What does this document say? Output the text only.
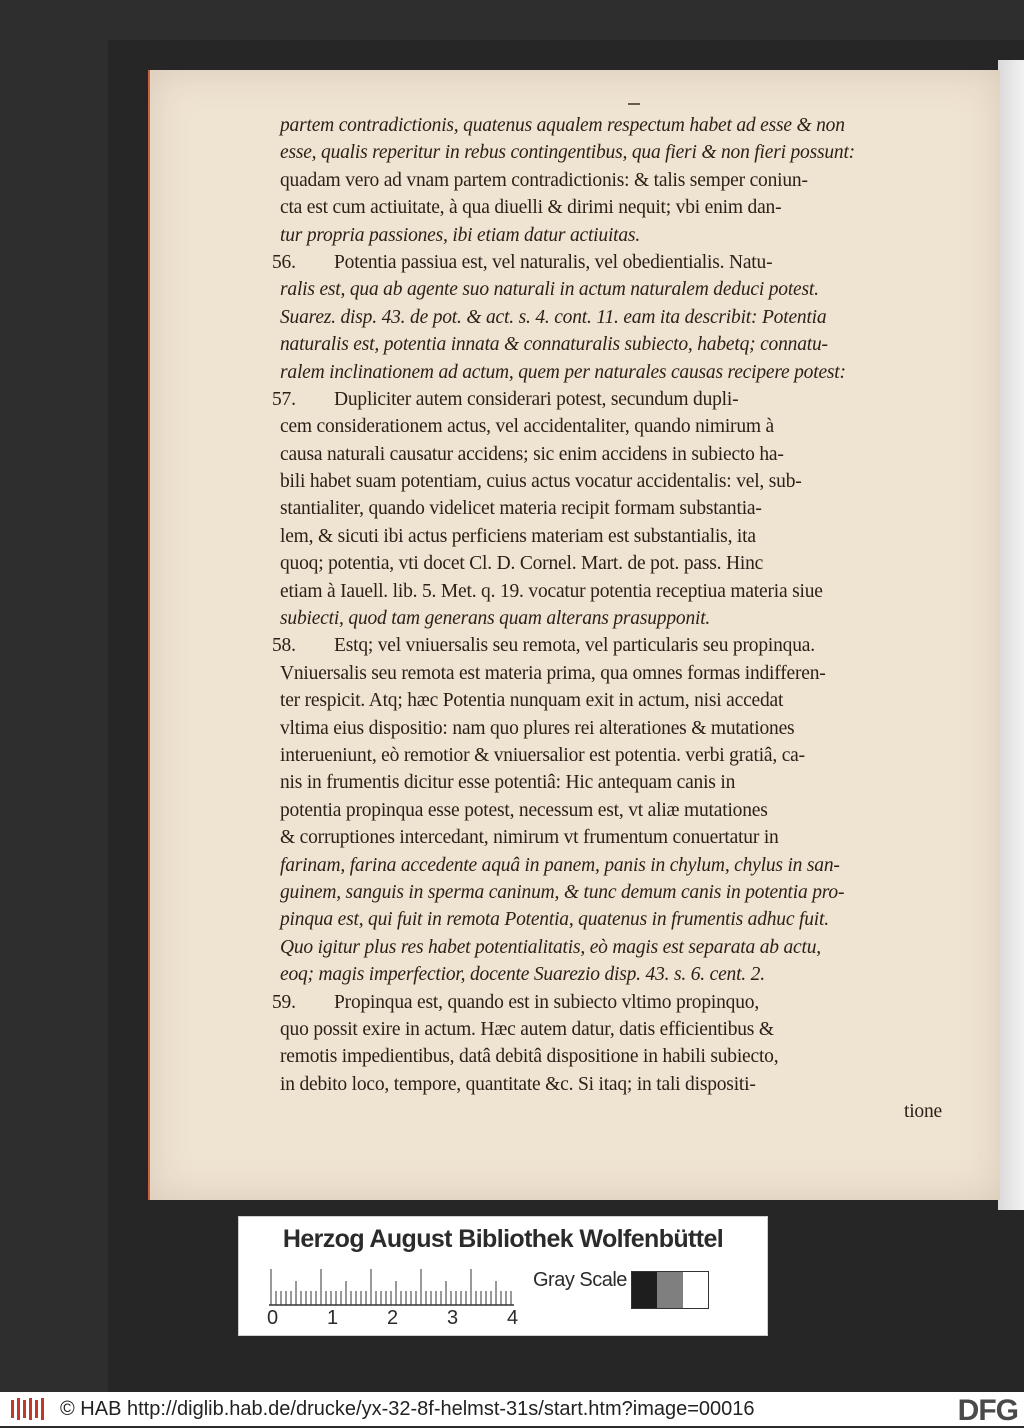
partem contradictionis, quatenus aqualem respectum habet ad esse & non
esse, qualis reperitur in rebus contingentibus, qua fieri & non fieri possunt:
quadam vero ad vnam partem contradictionis: & talis semper coniun-
cta est cum actiuitate, à qua diuelli & dirimi nequit; vbi enim dan-
tur propria passiones, ibi etiam datur actiuitas.
56.	Potentia passiua est, vel naturalis, vel obedientialis. Natu-
ralis est, qua ab agente suo naturali in actum naturalem deduci potest.
Suarez. disp. 43. de pot. & act. s. 4. cont. 11. eam ita describit: Potentia
naturalis est, potentia innata & connaturalis subiecto, habetq; connatu-
ralem inclinationem ad actum, quem per naturales causas recipere potest:
57.	Dupliciter autem considerari potest, secundum dupli-
cem considerationem actus, vel accidentaliter, quando nimirum à
causa naturali causatur accidens; sic enim accidens in subiecto ha-
bili habet suam potentiam, cuius actus vocatur accidentalis: vel, sub-
stantialiter, quando videlicet materia recipit formam substantia-
lem, & sicuti ibi actus perficiens materiam est substantialis, ita
quoq; potentia, vti docet Cl. D. Cornel. Mart. de pot. pass. Hinc
etiam à Iauell. lib. 5. Met. q. 19. vocatur potentia receptiua materia siue
subiecti, quod tam generans quam alterans prasupponit.
58.	Estq; vel vniuersalis seu remota, vel particularis seu propinqua.
Vniuersalis seu remota est materia prima, qua omnes formas indifferen-
ter respicit. Atq; hæc Potentia nunquam exit in actum, nisi accedat
vltima eius dispositio: nam quo plures rei alterationes & mutationes
interueniunt, eò remotior & vniuersalior est potentia. verbi gratiâ, ca-
nis in frumentis dicitur esse potentiâ: Hic antequam canis in
potentia propinqua esse potest, necessum est, vt aliæ mutationes
& corruptiones intercedant, nimirum vt frumentum conuertatur in
farinam, farina accedente aquâ in panem, panis in chylum, chylus in san-
guinem, sanguis in sperma caninum, & tunc demum canis in potentia pro-
pinqua est, qui fuit in remota Potentia, quatenus in frumentis adhuc fuit.
Quo igitur plus res habet potentialitatis, eò magis est separata ab actu,
eoq; magis imperfectior, docente Suarezio disp. 43. s. 6. cent. 2.
59.	Propinqua est, quando est in subiecto vltimo propinquo,
quo possit exire in actum. Hæc autem datur, datis efficientibus &
remotis impedientibus, datâ debitâ dispositione in habili subiecto,
in debito loco, tempore, quantitate &c. Si itaq; in tali dispositi-
tione
Herzog August Bibliothek Wolfenbüttel
0 1 2 3 4
Gray Scale
© HAB http://diglib.hab.de/drucke/yx-32-8f-helmst-31s/start.htm?image=00016	DFG
